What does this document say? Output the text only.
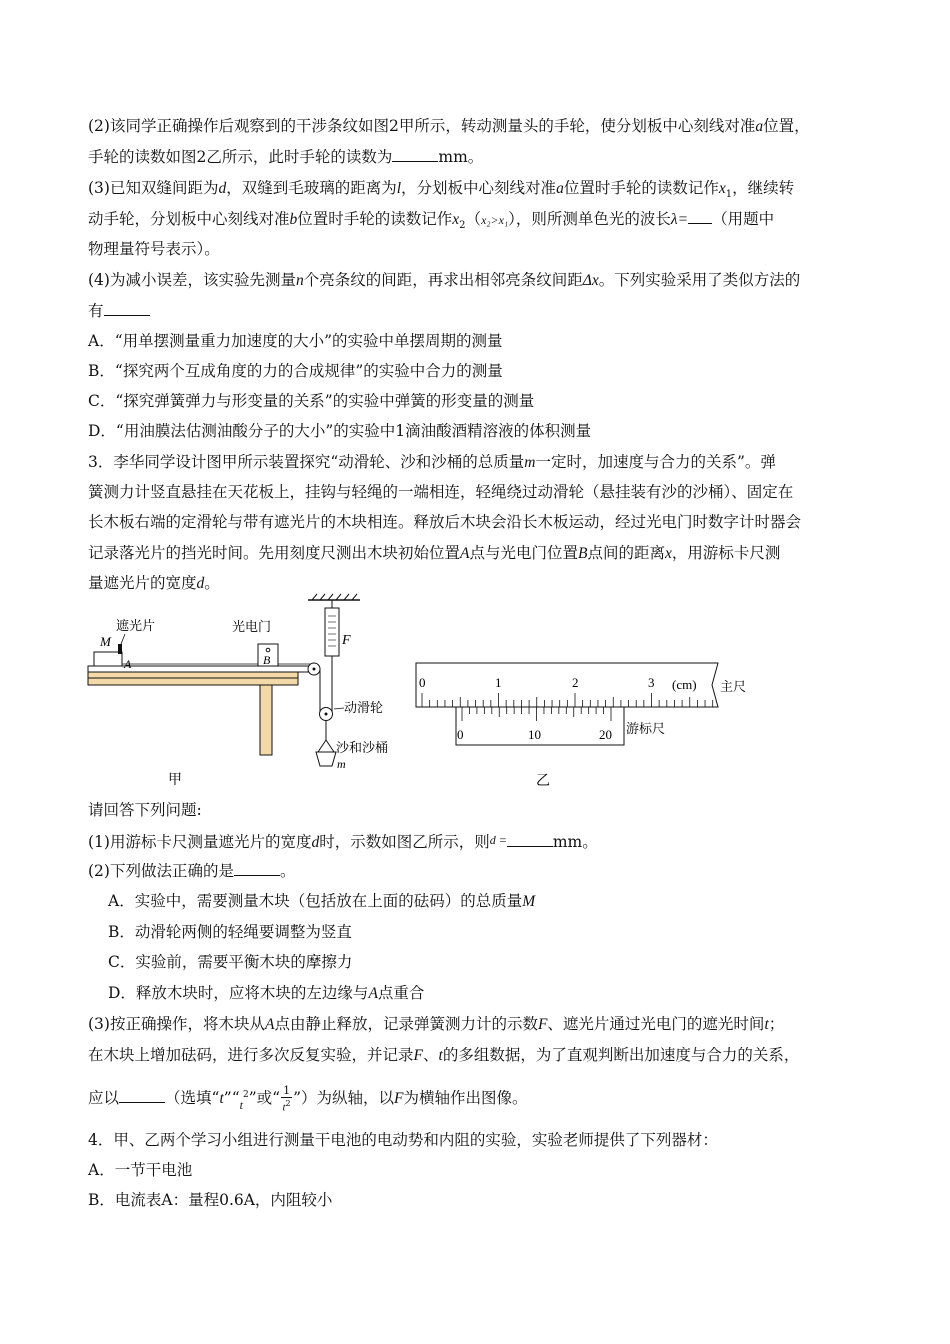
(2)该同学正确操作后观察到的干涉条纹如图2甲所示，转动测量头的手轮，使分划板中心刻线对准a位置，
手轮的读数如图2乙所示，此时手轮的读数为	mm。
(3)已知双缝间距为d，双缝到毛玻璃的距离为l，分划板中心刻线对准a位置时手轮的读数记作$x_1$，继续转
动手轮，分划板中心刻线对准b位置时手轮的读数记作$x_2(x_2>x_1)$，则所测单色光的波长λ= （用题中
物理量符号表示）。
(4)为减小误差，该实验先测量n个亮条纹的间距，再求出相邻亮条纹间距Δx。下列实验采用了类似方法的
有
A．“用单摆测量重力加速度的大小”的实验中单摆周期的测量
B．“探究两个互成角度的力的合成规律”的实验中合力的测量
C．“探究弹簧弹力与形变量的关系”的实验中弹簧的形变量的测量
D．“用油膜法估测油酸分子的大小”的实验中1滴油酸酒精溶液的体积测量
3．李华同学设计图甲所示装置探究“动滑轮、沙和沙桶的总质量m一定时，加速度与合力的关系”。弹
簧测力计竖直悬挂在天花板上，挂钩与轻绳的一端相连，轻绳绕过动滑轮（悬挂装有沙的沙桶）、固定在
长木板右端的定滑轮与带有遮光片的木块相连。释放后木块会沿长木板运动，经过光电门时数字计时器会
记录落光片的挡光时间。先用刻度尺测出木块初始位置A点与光电门位置B点间的距离x，用游标卡尺测
量遮光片的宽度d。
F
M
A
遮光片
B
光电门
动滑轮
m
沙和沙桶
甲
0	1	2	3 (cm) 主尺
0	10	20 游标尺
乙
请回答下列问题:
(1)用游标卡尺测量遮光片的宽度d时，示数如图乙所示，则d =	mm。
(2)下列做法正确的是	。
A．实验中，需要测量木块（包括放在上面的砝码）的总质量M
B．动滑轮两侧的轻绳要调整为竖直
C．实验前，需要平衡木块的摩擦力
D．释放木块时，应将木块的左边缘与A点重合
(3)按正确操作，将木块从A点由静止释放，记录弹簧测力计的示数F、遮光片通过光电门的遮光时间t；
在木块上增加砝码，进行多次反复实验，并记录F、t的多组数据，为了直观判断出加速度与合力的关系，
应以	（选填“$t”“_t^2$”或“ $\frac{1}{t^2}$ ”）为纵轴，以F为横轴作出图像。
4．甲、乙两个学习小组进行测量干电池的电动势和内阻的实验，实验老师提供了下列器材：
A．一节干电池
B．电流表A：量程0.6A，内阻较小
